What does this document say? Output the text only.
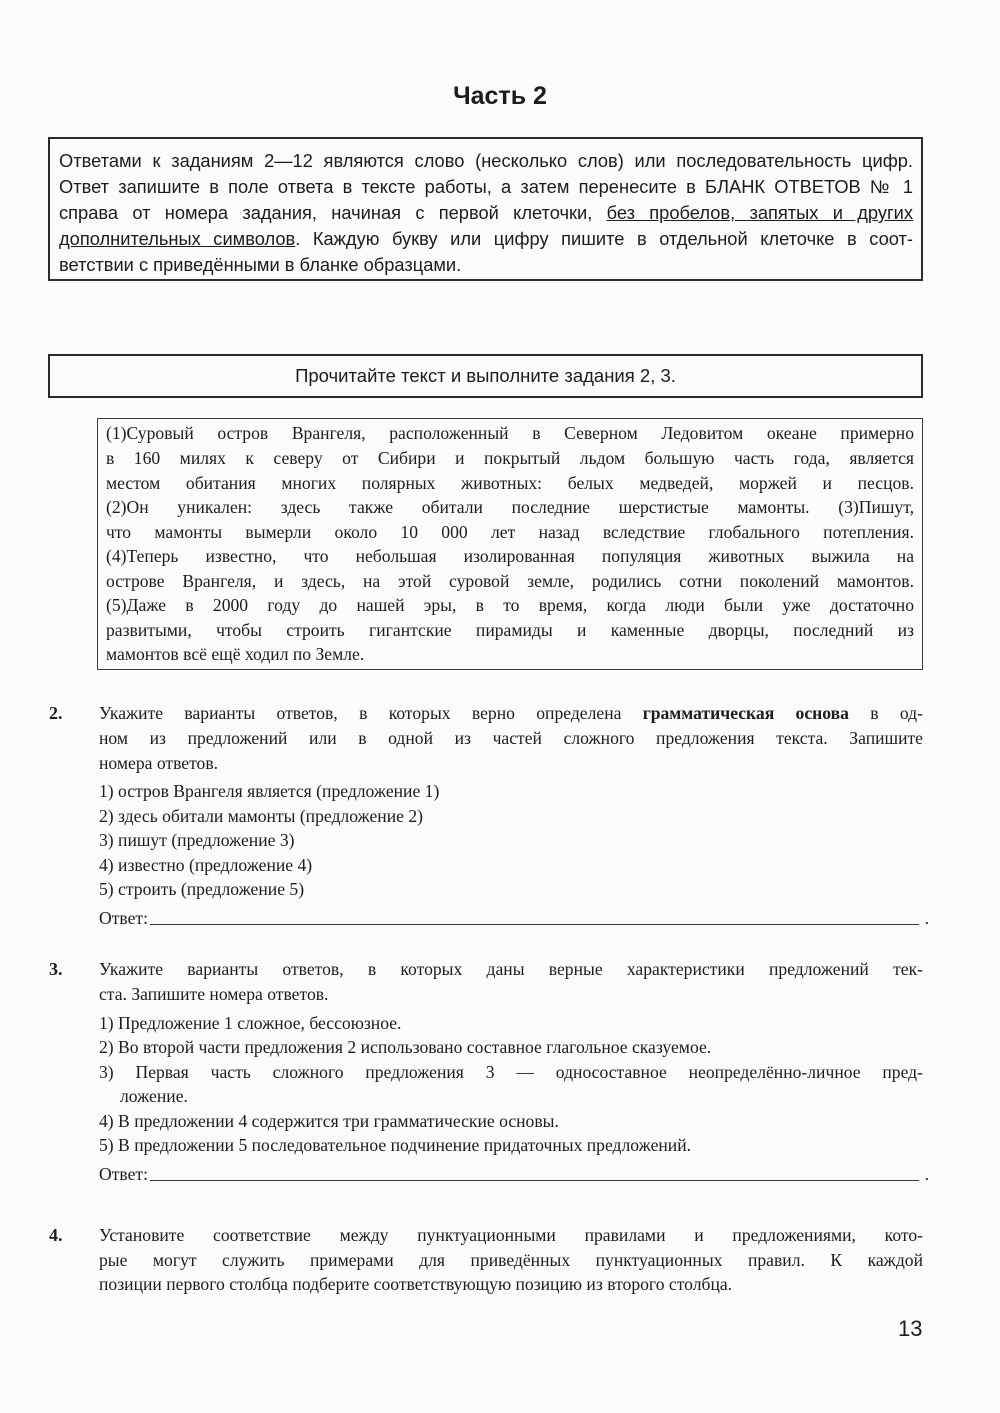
Часть 2
Ответами к заданиям 2—12 являются слово (несколько слов) или последовательность цифр.
Ответ запишите в поле ответа в тексте работы, а затем перенесите в БЛАНК ОТВЕТОВ № 1
справа от номера задания, начиная с первой клеточки, без пробелов, запятых и других
дополнительных символов. Каждую букву или цифру пишите в отдельной клеточке в соот-
ветствии с приведёнными в бланке образцами.
Прочитайте текст и выполните задания 2, 3.
(1)Суровый остров Врангеля, расположенный в Северном Ледовитом океане примерно
в 160 милях к северу от Сибири и покрытый льдом большую часть года, является
местом обитания многих полярных животных: белых медведей, моржей и песцов.
(2)Он уникален: здесь также обитали последние шерстистые мамонты. (3)Пишут,
что мамонты вымерли около 10 000 лет назад вследствие глобального потепления.
(4)Теперь известно, что небольшая изолированная популяция животных выжила на
острове Врангеля, и здесь, на этой суровой земле, родились сотни поколений мамонтов.
(5)Даже в 2000 году до нашей эры, в то время, когда люди были уже достаточно
развитыми, чтобы строить гигантские пирамиды и каменные дворцы, последний из
мамонтов всё ещё ходил по Земле.
2. Укажите варианты ответов, в которых верно определена грамматическая основа в од-
ном из предложений или в одной из частей сложного предложения текста. Запишите
номера ответов.
1) остров Врангеля является (предложение 1)
2) здесь обитали мамонты (предложение 2)
3) пишут (предложение 3)
4) известно (предложение 4)
5) строить (предложение 5)
Ответ:	.
3. Укажите варианты ответов, в которых даны верные характеристики предложений тек-
ста. Запишите номера ответов.
1) Предложение 1 сложное, бессоюзное.
2) Во второй части предложения 2 использовано составное глагольное сказуемое.
3) Первая часть сложного предложения 3 — односоставное неопределённо-личное пред-
ложение.
4) В предложении 4 содержится три грамматические основы.
5) В предложении 5 последовательное подчинение придаточных предложений.
Ответ:	.
4. Установите соответствие между пунктуационными правилами и предложениями, кото-
рые могут служить примерами для приведённых пунктуационных правил. К каждой
позиции первого столбца подберите соответствующую позицию из второго столбца.
13
